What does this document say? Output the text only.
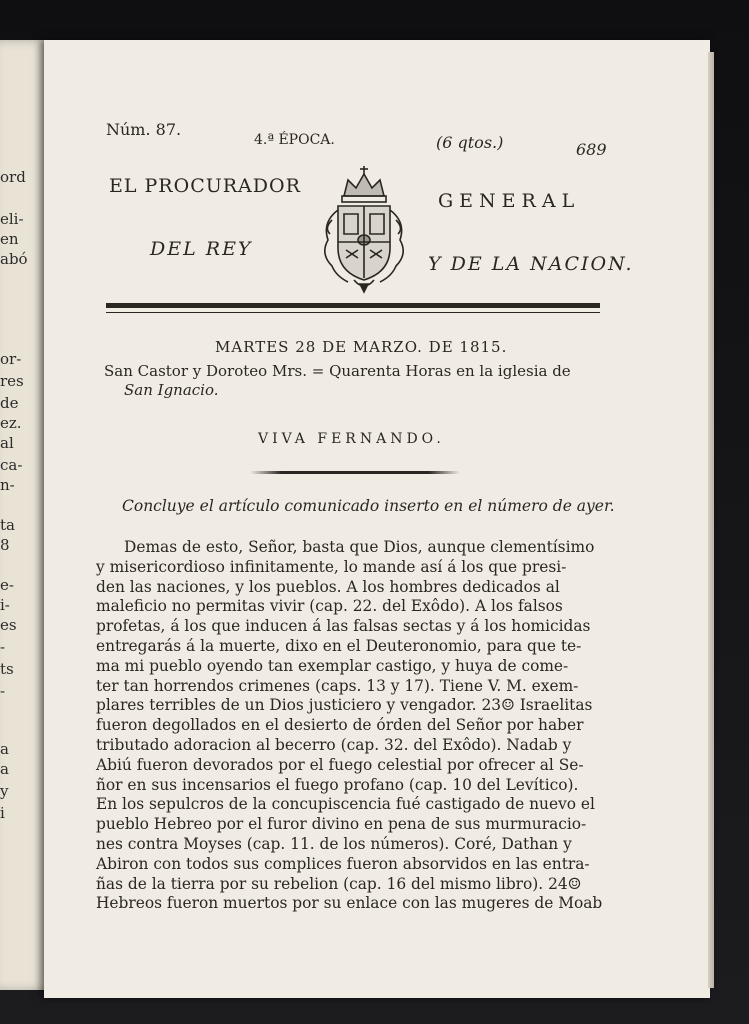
ord
eli-
en
abó
or-
res
de
ez.
al
ca-
n-
ta
8
e-
i-
es
-
ts
-
a
a
y
i
Núm. 87.
4.ª ÉPOCA.	(6 qtos.)	689
EL PROCURADOR
GENERAL
DEL REY
Y DE LA NACION.
MARTES 28 DE MARZO. DE 1815.
San Castor y Doroteo Mrs. = Quarenta Horas en la iglesia de
San Ignacio.
VIVA FERNANDO.
Concluye el artículo comunicado inserto en el número de ayer.
Demas de esto, Señor, basta que Dios, aunque clementísimo
y misericordioso infinitamente, lo mande así á los que presi-
den las naciones, y los pueblos. A los hombres dedicados al
maleficio no permitas vivir (cap. 22. del Exôdo). A los falsos
profetas, á los que inducen á las falsas sectas y á los homicidas
entregarás á la muerte, dixo en el Deuteronomio, para que te-
ma mi pueblo oyendo tan exemplar castigo, y huya de come-
ter tan horrendos crimenes (caps. 13 y 17). Tiene V. M. exem-
plares terribles de un Dios justiciero y vengador. 23☺ Israelitas
fueron degollados en el desierto de órden del Señor por haber
tributado adoracion al becerro (cap. 32. del Exôdo). Nadab y
Abiú fueron devorados por el fuego celestial por ofrecer al Se-
ñor en sus incensarios el fuego profano (cap. 10 del Levítico).
En los sepulcros de la concupiscencia fué castigado de nuevo el
pueblo Hebreo por el furor divino en pena de sus murmuracio-
nes contra Moyses (cap. 11. de los números). Coré, Dathan y
Abiron con todos sus complices fueron absorvidos en las entra-
ñas de la tierra por su rebelion (cap. 16 del mismo libro). 24☺
Hebreos fueron muertos por su enlace con las mugeres de Moab
